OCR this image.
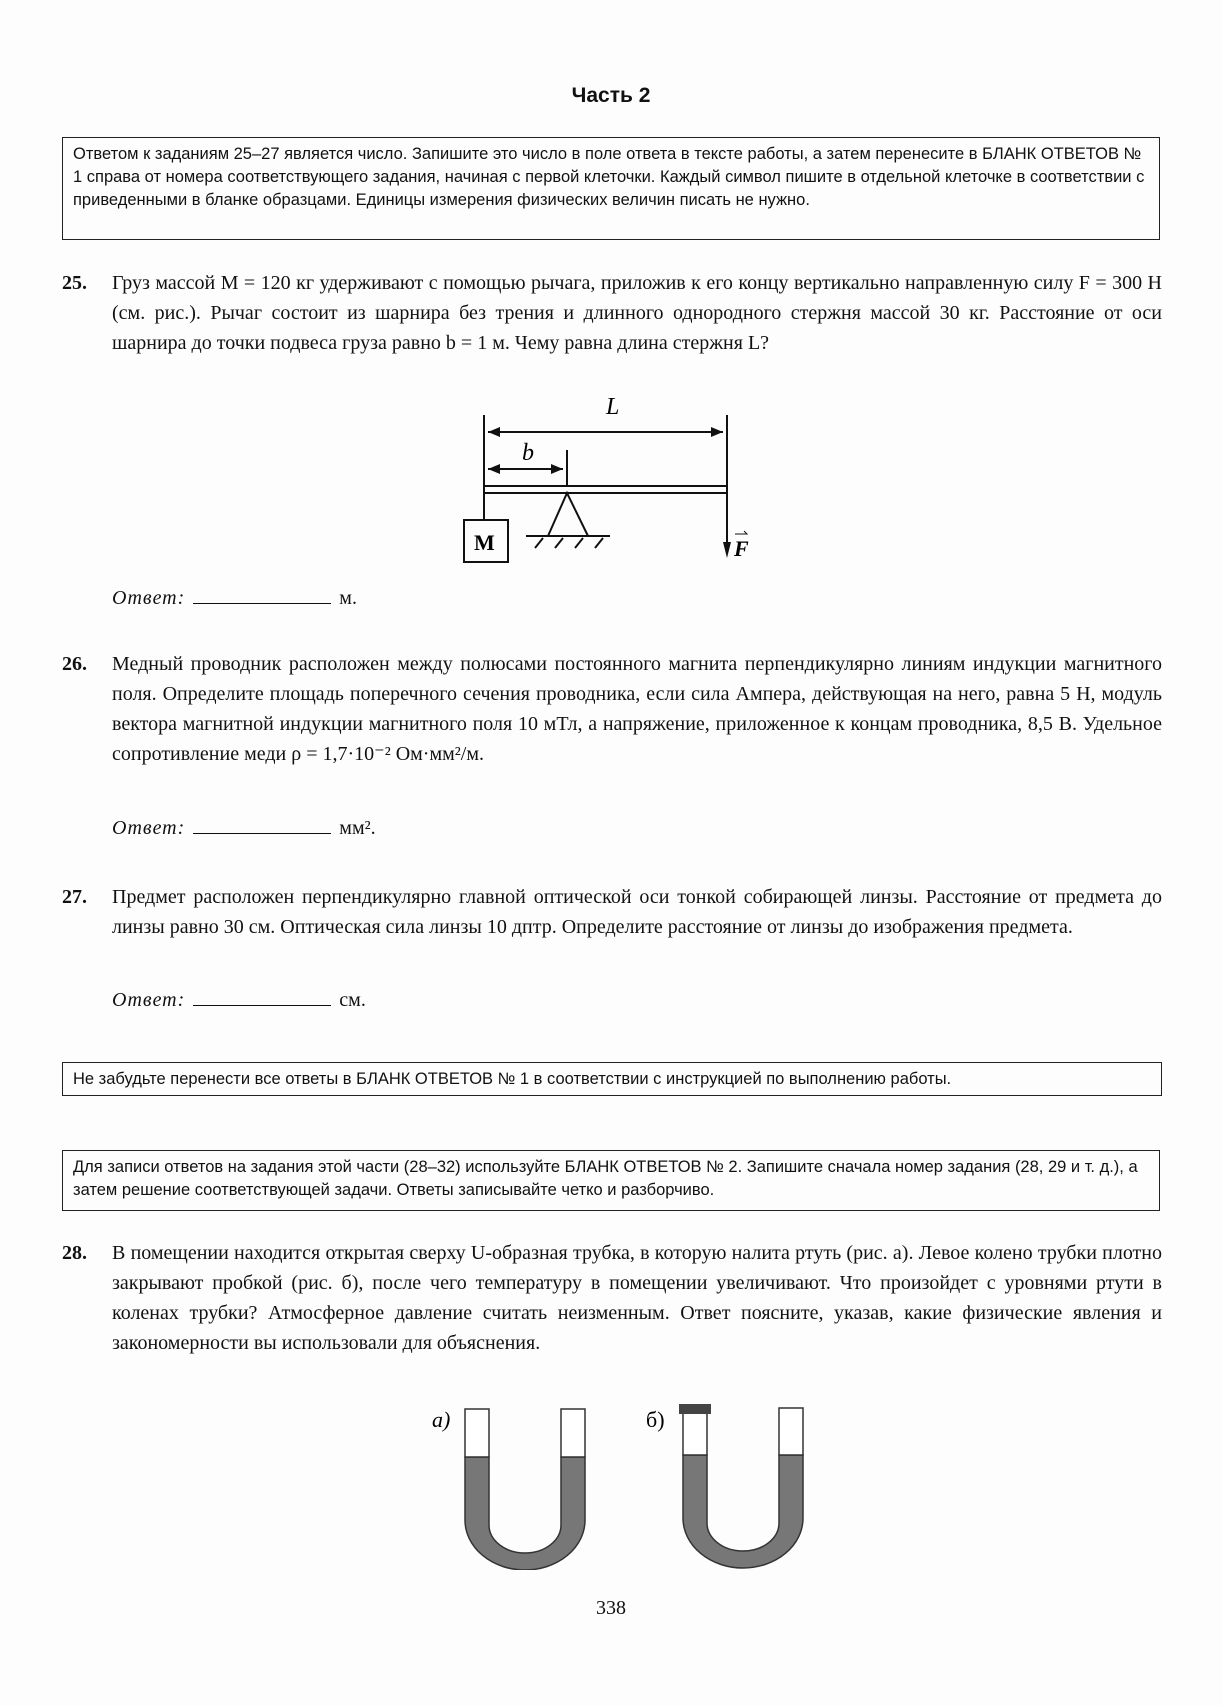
Часть 2
Ответом к заданиям 25–27 является число. Запишите это число в поле ответа в тексте работы, а затем перенесите в БЛАНК ОТВЕТОВ № 1 справа от номера соответствующего задания, начиная с первой клеточки. Каждый символ пишите в отдельной клеточке в соответствии с приведенными в бланке образцами. Единицы измерения физических величин писать не нужно.
25. Груз массой M = 120 кг удерживают с помощью рычага, приложив к его концу вертикально направленную силу F = 300 Н (см. рис.). Рычаг состоит из шарнира без трения и длинного однородного стержня массой 30 кг. Расстояние от оси шарнира до точки подвеса груза равно b = 1 м. Чему равна длина стержня L?
L
b
M	F
Ответ:	м.
26. Медный проводник расположен между полюсами постоянного магнита перпендикулярно линиям индукции магнитного поля. Определите площадь поперечного сечения проводника, если сила Ампера, действующая на него, равна 5 Н, модуль вектора магнитной индукции магнитного поля 10 мТл, а напряжение, приложенное к концам проводника, 8,5 В. Удельное сопротивление меди ρ = 1,7·10⁻² Ом·мм²/м.
Ответ:	мм².
27. Предмет расположен перпендикулярно главной оптической оси тонкой собирающей линзы. Расстояние от предмета до линзы равно 30 см. Оптическая сила линзы 10 дптр. Определите расстояние от линзы до изображения предмета.
Ответ:	см.
Не забудьте перенести все ответы в БЛАНК ОТВЕТОВ № 1 в соответствии с инструкцией по выполнению работы.
Для записи ответов на задания этой части (28–32) используйте БЛАНК ОТВЕТОВ № 2. Запишите сначала номер задания (28, 29 и т. д.), а затем решение соответствующей задачи. Ответы записывайте четко и разборчиво.
28. В помещении находится открытая сверху U-образная трубка, в которую налита ртуть (рис. а). Левое колено трубки плотно закрывают пробкой (рис. б), после чего температуру в помещении увеличивают. Что произойдет с уровнями ртути в коленах трубки? Атмосферное давление считать неизменным. Ответ поясните, указав, какие физические явления и закономерности вы использовали для объяснения.
а)	б)
338
